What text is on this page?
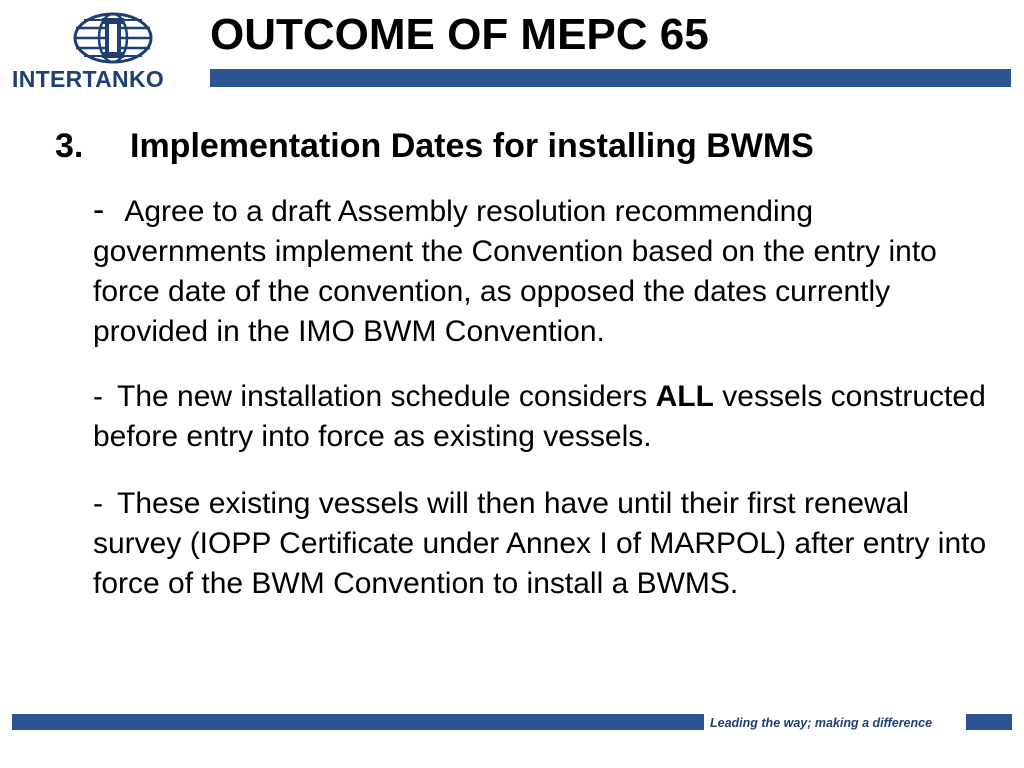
INTERTANKO
OUTCOME OF MEPC 65
3. Implementation Dates for installing BWMS
- Agree to a draft Assembly resolution recommending governments implement the Convention based on the entry into force date of the convention, as opposed the dates currently provided in the IMO BWM Convention.
- The new installation schedule considers ALL vessels constructed before entry into force as existing vessels.
- These existing vessels will then have until their first renewal survey (IOPP Certificate under Annex I of MARPOL) after entry into force of the BWM Convention to install a BWMS.
Leading the way; making a difference
